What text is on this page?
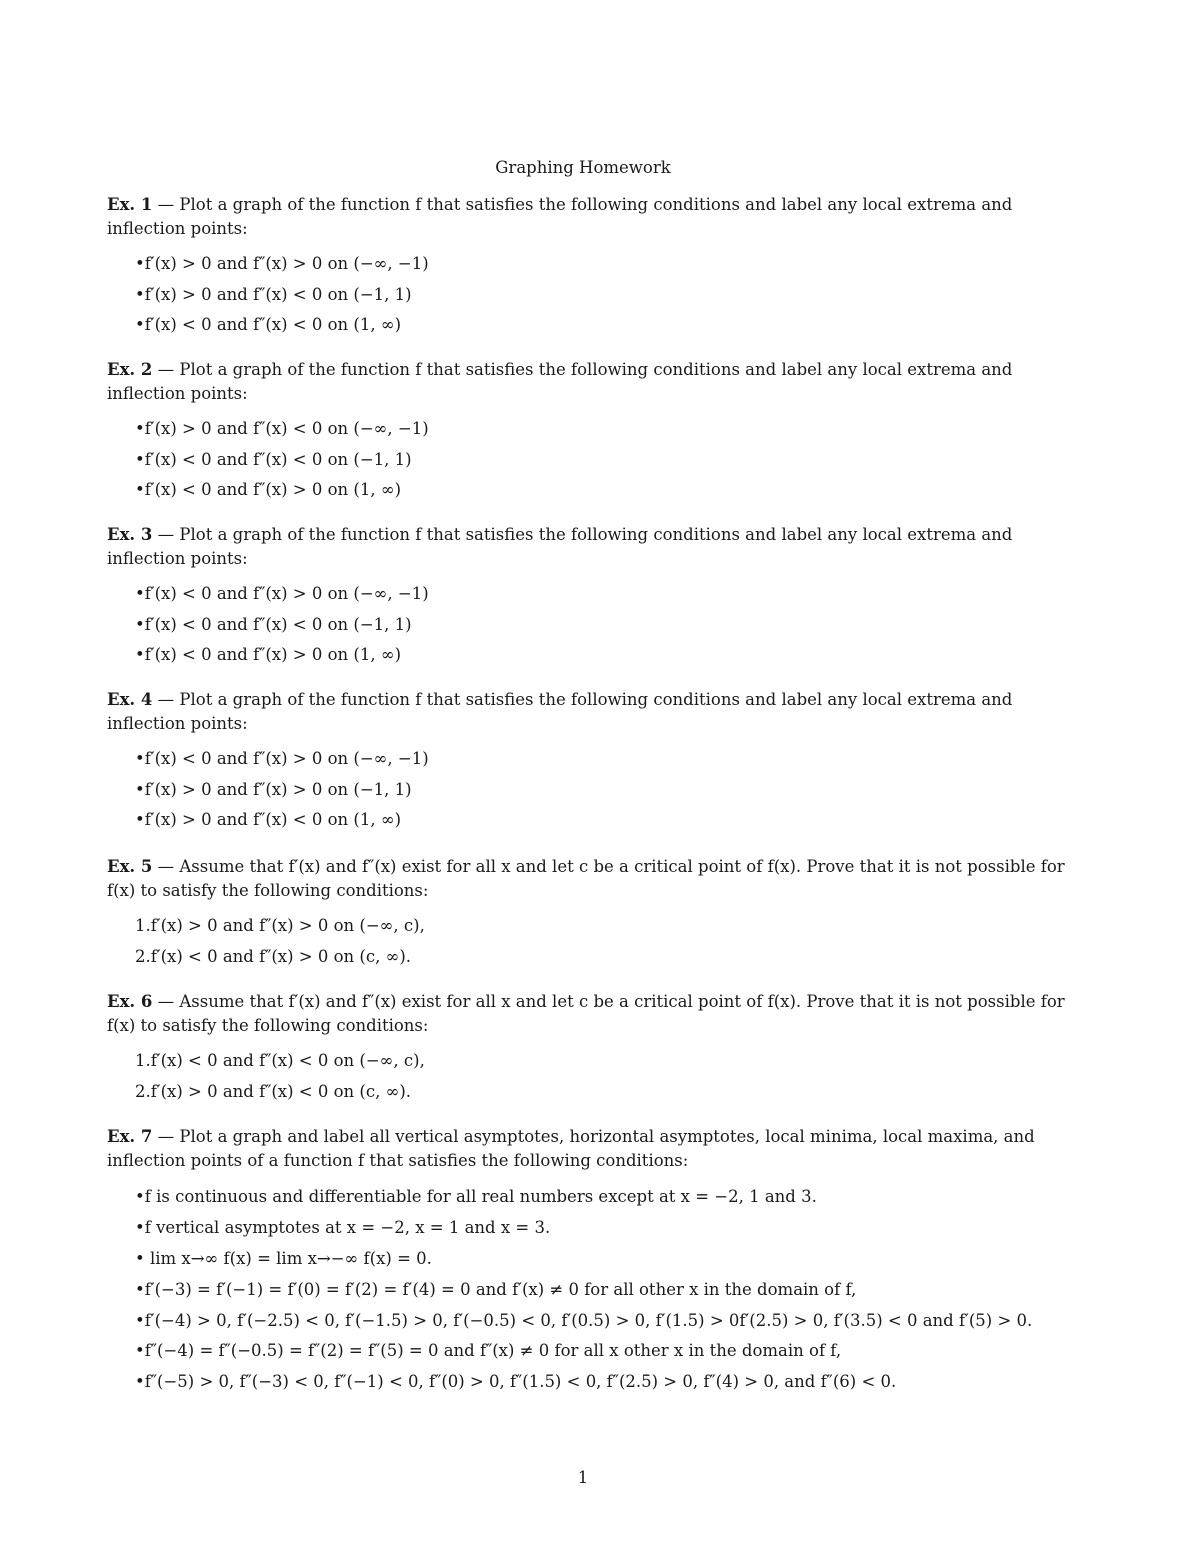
Graphing Homework
Ex. 1 — Plot a graph of the function f that satisfies the following conditions and label any local extrema and inflection points:
•f′(x) > 0 and f″(x) > 0 on (−∞, −1)
•f′(x) > 0 and f″(x) < 0 on (−1, 1)
•f′(x) < 0 and f″(x) < 0 on (1, ∞)
Ex. 2 — Plot a graph of the function f that satisfies the following conditions and label any local extrema and inflection points:
•f′(x) > 0 and f″(x) < 0 on (−∞, −1)
•f′(x) < 0 and f″(x) < 0 on (−1, 1)
•f′(x) < 0 and f″(x) > 0 on (1, ∞)
Ex. 3 — Plot a graph of the function f that satisfies the following conditions and label any local extrema and inflection points:
•f′(x) < 0 and f″(x) > 0 on (−∞, −1)
•f′(x) < 0 and f″(x) < 0 on (−1, 1)
•f′(x) < 0 and f″(x) > 0 on (1, ∞)
Ex. 4 — Plot a graph of the function f that satisfies the following conditions and label any local extrema and inflection points:
•f′(x) < 0 and f″(x) > 0 on (−∞, −1)
•f′(x) > 0 and f″(x) > 0 on (−1, 1)
•f′(x) > 0 and f″(x) < 0 on (1, ∞)
Ex. 5 — Assume that f′(x) and f″(x) exist for all x and let c be a critical point of f(x). Prove that it is not possible for f(x) to satisfy the following conditions:
1.f′(x) > 0 and f″(x) > 0 on (−∞, c),
2.f′(x) < 0 and f″(x) > 0 on (c, ∞).
Ex. 6 — Assume that f′(x) and f″(x) exist for all x and let c be a critical point of f(x). Prove that it is not possible for f(x) to satisfy the following conditions:
1.f′(x) < 0 and f″(x) < 0 on (−∞, c),
2.f′(x) > 0 and f″(x) < 0 on (c, ∞).
Ex. 7 — Plot a graph and label all vertical asymptotes, horizontal asymptotes, local minima, local maxima, and inflection points of a function f that satisfies the following conditions:
•f is continuous and differentiable for all real numbers except at x = −2, 1 and 3.
•f vertical asymptotes at x = −2, x = 1 and x = 3.
• lim x→∞ f(x) = lim x→−∞ f(x) = 0.
•f′(−3) = f′(−1) = f′(0) = f′(2) = f′(4) = 0 and f′(x) ≠ 0 for all other x in the domain of f,
•f′(−4) > 0, f′(−2.5) < 0, f′(−1.5) > 0, f′(−0.5) < 0, f′(0.5) > 0, f′(1.5) > 0f′(2.5) > 0, f′(3.5) < 0 and f′(5) > 0.
•f″(−4) = f″(−0.5) = f″(2) = f″(5) = 0 and f″(x) ≠ 0 for all x other x in the domain of f,
•f″(−5) > 0, f″(−3) < 0, f″(−1) < 0, f″(0) > 0, f″(1.5) < 0, f″(2.5) > 0, f″(4) > 0, and f″(6) < 0.
1
